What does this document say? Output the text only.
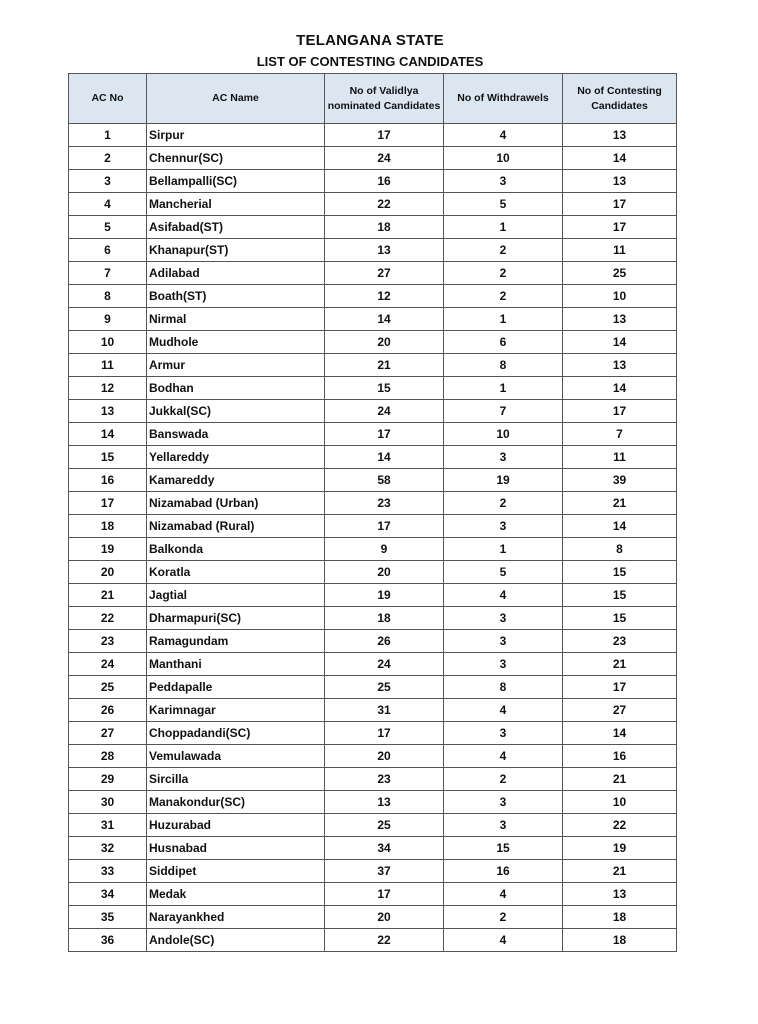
TELANGANA STATE
LIST OF CONTESTING CANDIDATES
AC No	AC Name	No of Validlya nominated Candidates	No of Withdrawels	No of Contesting Candidates
1	Sirpur	17	4	13
2	Chennur(SC)	24	10	14
3	Bellampalli(SC)	16	3	13
4	Mancherial	22	5	17
5	Asifabad(ST)	18	1	17
6	Khanapur(ST)	13	2	11
7	Adilabad	27	2	25
8	Boath(ST)	12	2	10
9	Nirmal	14	1	13
10	Mudhole	20	6	14
11	Armur	21	8	13
12	Bodhan	15	1	14
13	Jukkal(SC)	24	7	17
14	Banswada	17	10	7
15	Yellareddy	14	3	11
16	Kamareddy	58	19	39
17	Nizamabad (Urban)	23	2	21
18	Nizamabad (Rural)	17	3	14
19	Balkonda	9	1	8
20	Koratla	20	5	15
21	Jagtial	19	4	15
22	Dharmapuri(SC)	18	3	15
23	Ramagundam	26	3	23
24	Manthani	24	3	21
25	Peddapalle	25	8	17
26	Karimnagar	31	4	27
27	Choppadandi(SC)	17	3	14
28	Vemulawada	20	4	16
29	Sircilla	23	2	21
30	Manakondur(SC)	13	3	10
31	Huzurabad	25	3	22
32	Husnabad	34	15	19
33	Siddipet	37	16	21
34	Medak	17	4	13
35	Narayankhed	20	2	18
36	Andole(SC)	22	4	18
